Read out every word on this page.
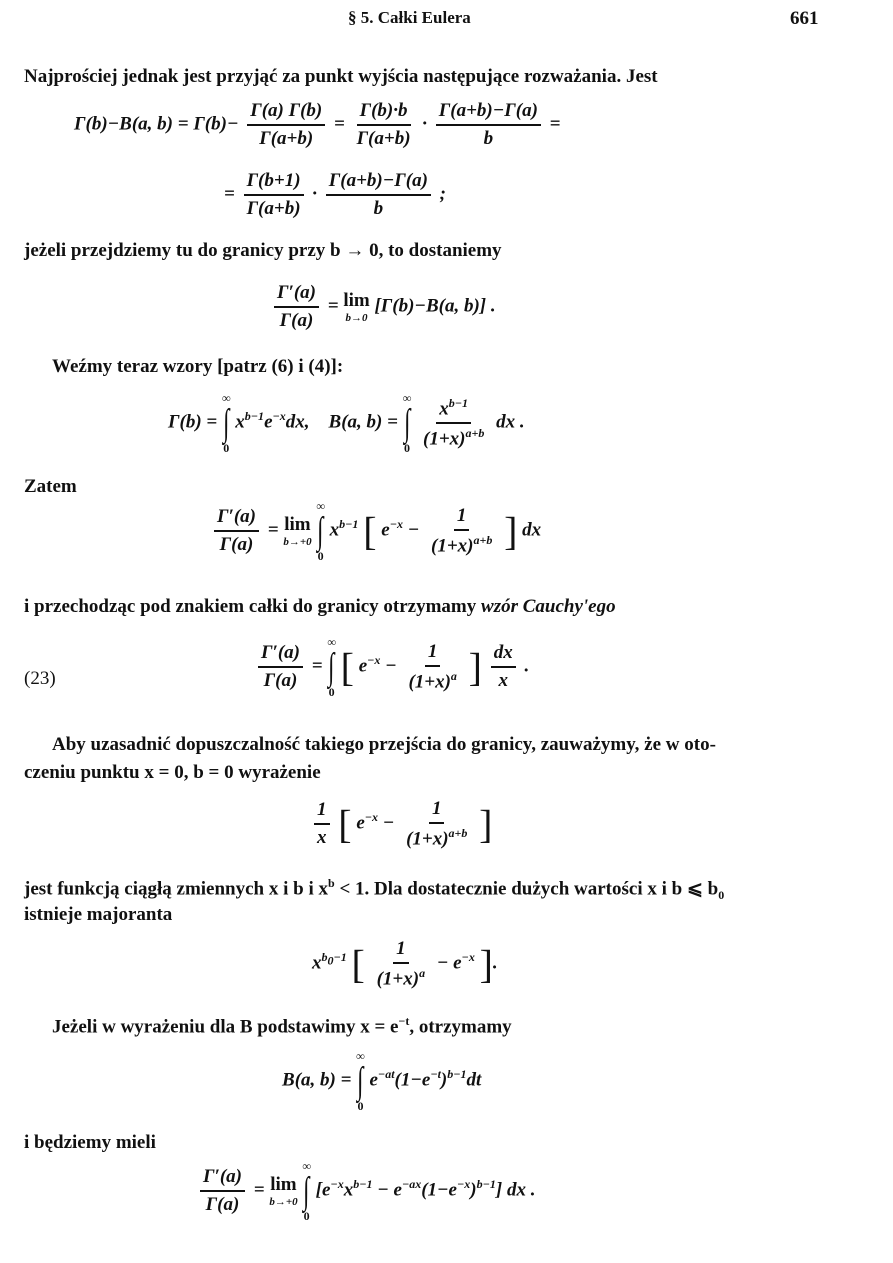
§ 5. Całki Eulera	661
Najprościej jednak jest przyjąć za punkt wyjścia następujące rozważania. Jest
Γ(b)−B(a, $b) = \Gamma(b)- \frac{\Gamma(a) \Gamma(b)}{\Gamma(a+b)} = \frac{\Gamma(b)\cdot b}{\Gamma(a+b)} \cdot \frac{\Gamma(a+b)-\Gamma(a)}{b}$ =
= $\frac{\Gamma(b+1)}{\Gamma(a+b)} \cdot \frac{\Gamma(a+b)-\Gamma(a)}{b}$ ;
jeżeli przejdziemy tu do granicy przy b → 0, to dostaniemy
$\frac{\Gamma'(a)}{\Gamma(a)} = \lim$
b→0
[Γ(b)−B(a, b)] .
Weźmy teraz wzory [patrz (6) i (4)]:
Γ(b) =
∞
∫
0
$x^{b-1}e^{-x}dx$,    B(a, b) =
∞
∫
0
$\frac{x^{b-1}}{(1+x)^{a+b}}$ dx .
Zatem
$\frac{\Gamma'(a)}{\Gamma(a)} = \lim$
b→+0

∞
∫
0
$x^{b-1}$ [ $e^{-x} - \frac{1}{(1+x)^{a+b}}$ ] dx
i przechodząc pod znakiem całki do granicy otrzymamy wzór Cauchy'ego
(23)	$\frac{\Gamma'(a)}{\Gamma(a)}$ =
∞
∫
0
[ $e^{-x} - \frac{1}{(1+x)^a}$ ] $\frac{dx}{x}$ .
Aby uzasadnić dopuszczalność takiego przejścia do granicy, zauważymy, że w oto-
czeniu punktu x = 0, b = 0 wyrażenie
$\frac{1}{x}$ [ $e^{-x} - \frac{1}{(1+x)^{a+b}}$ ]
jest funkcją ciągłą zmiennych x i b i $x^b < 1$. Dla dostatecznie dużych wartości x i b ⩽ $b_0$
istnieje majoranta
$x^{b_0-1}$ [ $\frac{1}{(1+x)^a} - e^{-x}$ ].
Jeżeli w wyrażeniu dla B podstawimy $x = e^{-t}$, otrzymamy
B(a, b) =
∞
∫
0
$e^{-at}(1-e^{-t})^{b-1}dt$
i będziemy mieli
$\frac{\Gamma'(a)}{\Gamma(a)} = \lim$
b→+0

∞
∫
0
$[e^{-x}x^{b-1} - e^{-ax}(1-e^{-x})^{b-1}]$ dx .
